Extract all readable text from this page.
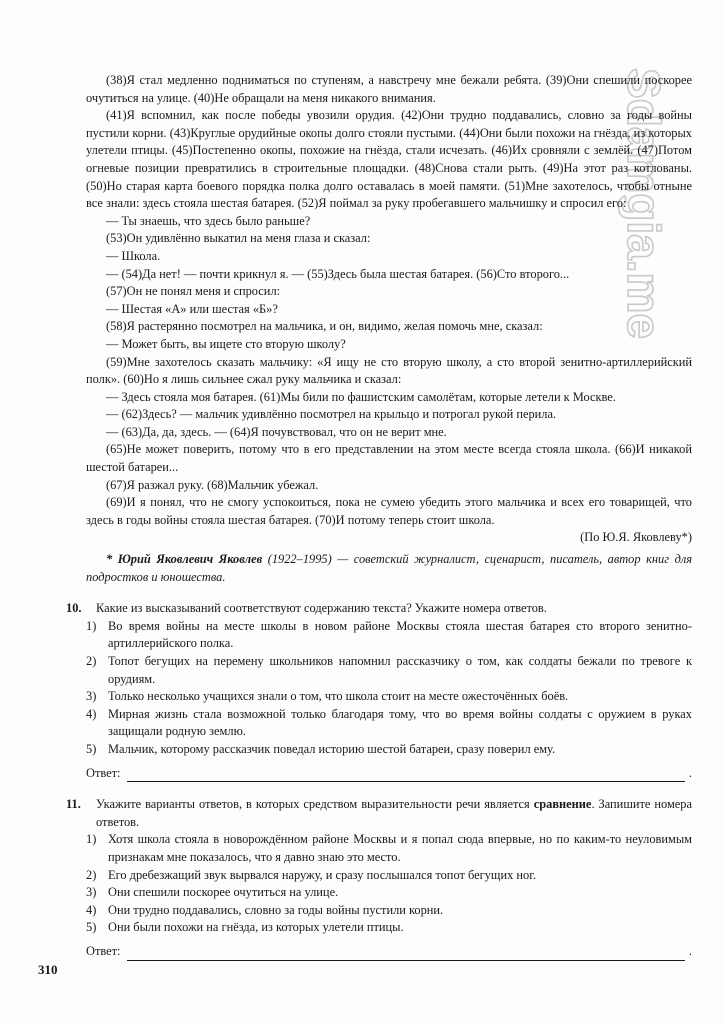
Sdamgia.me

(38)Я стал медленно подниматься по ступеням, а навстречу мне бежали ребята. (39)Они спешили поскорее очутиться на улице. (40)Не обращали на меня никакого внимания.

(41)Я вспомнил, как после победы увозили орудия. (42)Они трудно поддавались, словно за годы войны пустили корни. (43)Круглые орудийные окопы долго стояли пустыми. (44)Они были похожи на гнёзда, из которых улетели птицы. (45)Постепенно окопы, похожие на гнёзда, стали исчезать. (46)Их сровняли с землёй. (47)Потом огневые позиции превратились в строительные площадки. (48)Снова стали рыть. (49)На этот раз котлованы. (50)Но старая карта боевого порядка полка долго оставалась в моей памяти. (51)Мне захотелось, чтобы отныне все знали: здесь стояла шестая батарея. (52)Я поймал за руку пробегавшего мальчишку и спросил его:

— Ты знаешь, что здесь было раньше?

(53)Он удивлённо выкатил на меня глаза и сказал:

— Школа.

— (54)Да нет! — почти крикнул я. — (55)Здесь была шестая батарея. (56)Сто второго...

(57)Он не понял меня и спросил:

— Шестая «А» или шестая «Б»?

(58)Я растерянно посмотрел на мальчика, и он, видимо, желая помочь мне, сказал:

— Может быть, вы ищете сто вторую школу?

(59)Мне захотелось сказать мальчику: «Я ищу не сто вторую школу, а сто второй зенитно-артиллерийский полк». (60)Но я лишь сильнее сжал руку мальчика и сказал:

— Здесь стояла моя батарея. (61)Мы били по фашистским самолётам, которые летели к Москве.

— (62)Здесь? — мальчик удивлённо посмотрел на крыльцо и потрогал рукой перила.

— (63)Да, да, здесь. — (64)Я почувствовал, что он не верит мне.

(65)Не может поверить, потому что в его представлении на этом месте всегда стояла школа. (66)И никакой шестой батареи...

(67)Я разжал руку. (68)Мальчик убежал.

(69)И я понял, что не смогу успокоиться, пока не сумею убедить этого мальчика и всех его товарищей, что здесь в годы войны стояла шестая батарея. (70)И потому теперь стоит школа.

(По Ю.Я. Яковлеву*)

* Юрий Яковлевич Яковлев (1922–1995) — советский журналист, сценарист, писатель, автор книг для подростков и юношества.

10.	Какие из высказываний соответствуют содержанию текста? Укажите номера ответов.
1) Во время войны на месте школы в новом районе Москвы стояла шестая батарея сто второго зенитно-артиллерийского полка.
2) Топот бегущих на перемену школьников напомнил рассказчику о том, как солдаты бежали по тревоге к орудиям.
3) Только несколько учащихся знали о том, что школа стоит на месте ожесточённых боёв.
4) Мирная жизнь стала возможной только благодаря тому, что во время войны солдаты с оружием в руках защищали родную землю.
5) Мальчик, которому рассказчик поведал историю шестой батареи, сразу поверил ему.
Ответ:	.
11.	Укажите варианты ответов, в которых средством выразительности речи является сравнение. Запишите номера ответов.
1) Хотя школа стояла в новорождённом районе Москвы и я попал сюда впервые, но по каким-то неуловимым признакам мне показалось, что я давно знаю это место.
2) Его дребезжащий звук вырвался наружу, и сразу послышался топот бегущих ног.
3) Они спешили поскорее очутиться на улице.
4) Они трудно поддавались, словно за годы войны пустили корни.
5) Они были похожи на гнёзда, из которых улетели птицы.
Ответ:	.
310
